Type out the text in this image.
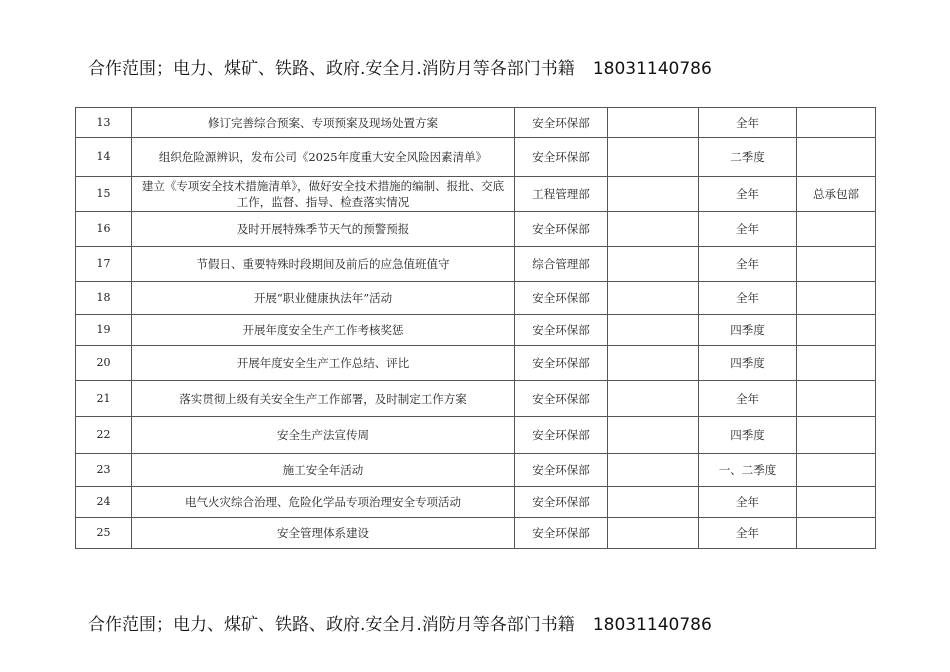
合作范围；电力、煤矿、铁路、政府.安全月.消防月等各部门书籍 18031140786
13	修订完善综合预案、专项预案及现场处置方案	安全环保部		全年	
14	组织危险源辨识，发布公司《2025年度重大安全风险因素清单》	安全环保部		二季度	
15	建立《专项安全技术措施清单》，做好安全技术措施的编制、报批、交底工作，监督、指导、检查落实情况	工程管理部		全年	总承包部
16	及时开展特殊季节天气的预警预报	安全环保部		全年	
17	节假日、重要特殊时段期间及前后的应急值班值守	综合管理部		全年	
18	开展“职业健康执法年”活动	安全环保部		全年	
19	开展年度安全生产工作考核奖惩	安全环保部		四季度	
20	开展年度安全生产工作总结、评比	安全环保部		四季度	
21	落实贯彻上级有关安全生产工作部署，及时制定工作方案	安全环保部		全年	
22	安全生产法宣传周	安全环保部		四季度	
23	施工安全年活动	安全环保部		一、二季度	
24	电气火灾综合治理、危险化学品专项治理安全专项活动	安全环保部		全年	
25	安全管理体系建设	安全环保部		全年	
合作范围；电力、煤矿、铁路、政府.安全月.消防月等各部门书籍 18031140786
